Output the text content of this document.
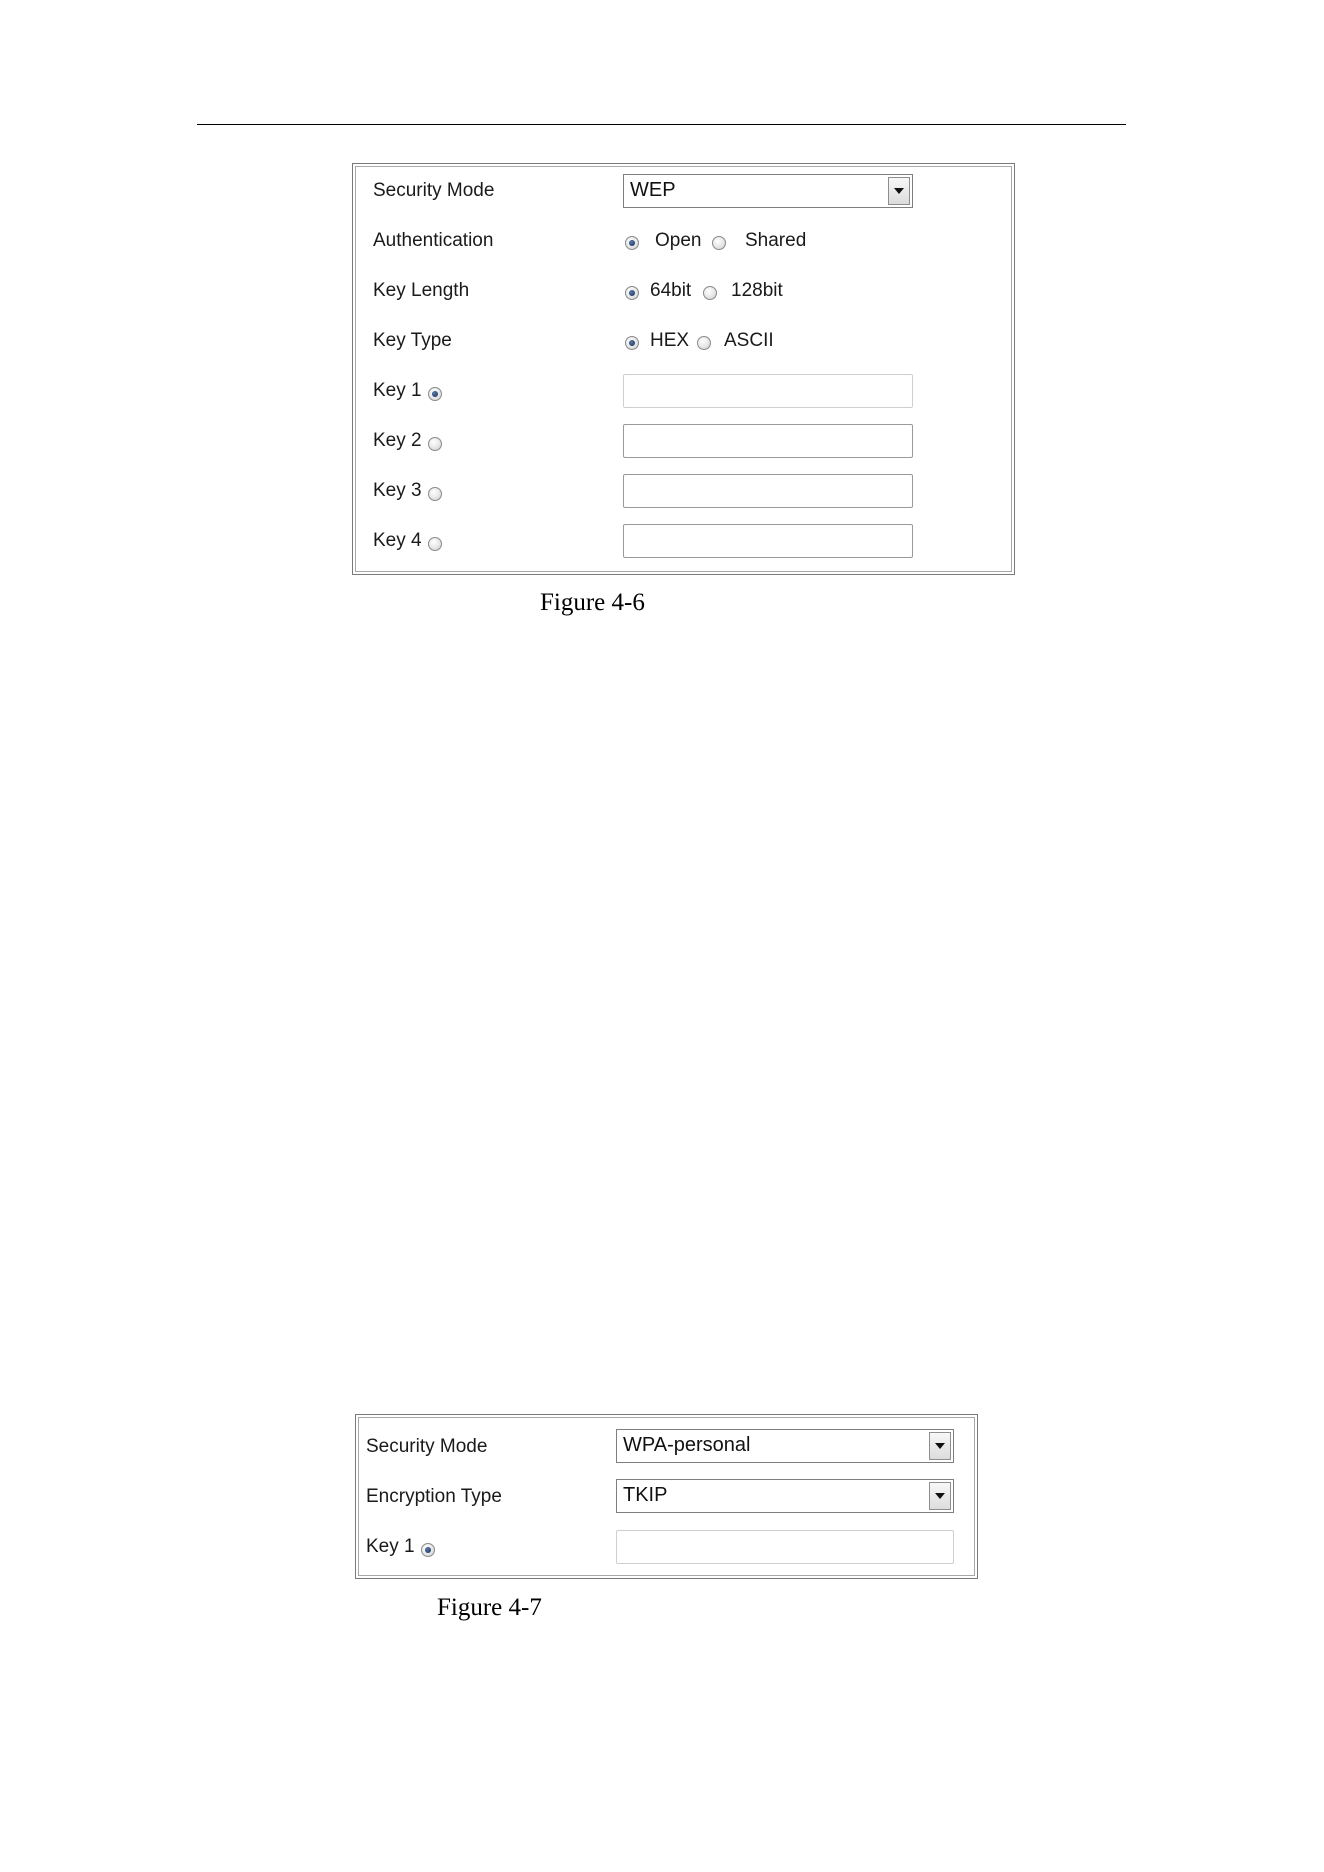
Security Mode	WEP
Authentication	Open Shared
Key Length	64bit 128bit
Key Type	HEX ASCII
Key 1
Key 2
Key 3
Key 4
Figure 4-6
Security Mode	WPA-personal
Encryption Type	TKIP
Key 1
Figure 4-7
